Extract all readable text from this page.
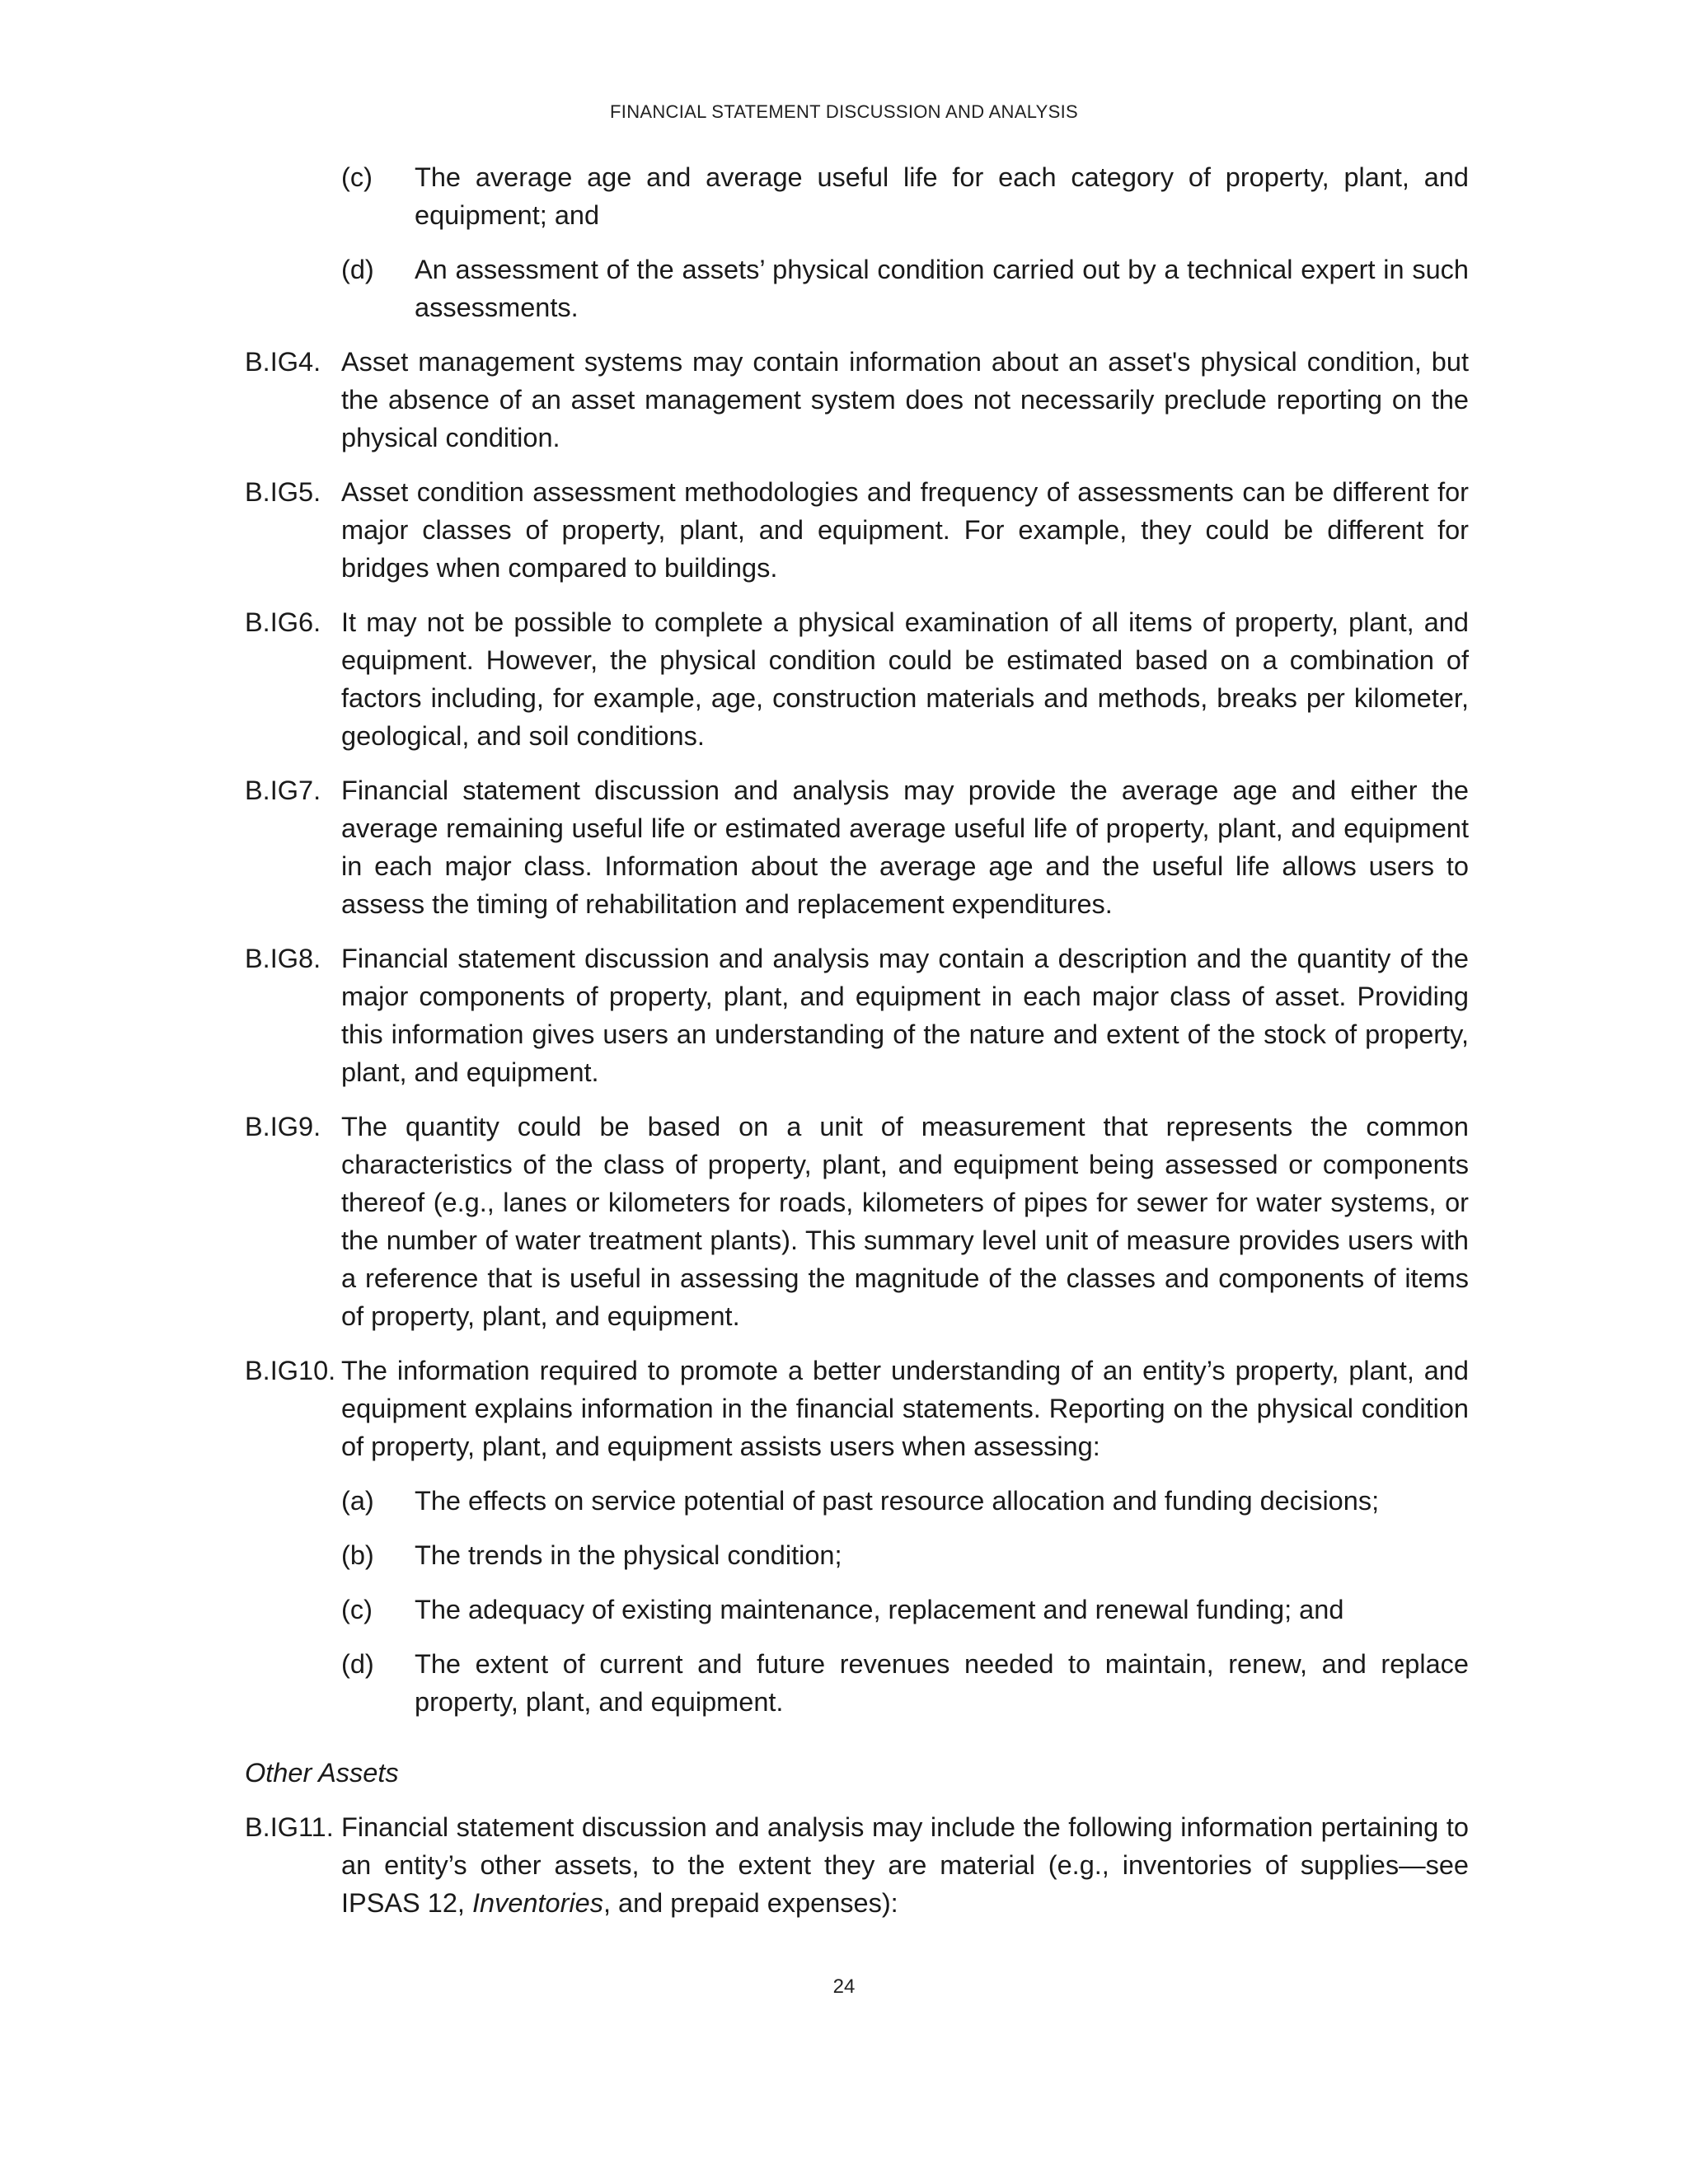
FINANCIAL STATEMENT DISCUSSION AND ANALYSIS
(c) The average age and average useful life for each category of property, plant, and equipment; and
(d) An assessment of the assets’ physical condition carried out by a technical expert in such assessments.
B.IG4. Asset management systems may contain information about an asset's physical condition, but the absence of an asset management system does not necessarily preclude reporting on the physical condition.
B.IG5. Asset condition assessment methodologies and frequency of assessments can be different for major classes of property, plant, and equipment. For example, they could be different for bridges when compared to buildings.
B.IG6. It may not be possible to complete a physical examination of all items of property, plant, and equipment. However, the physical condition could be estimated based on a combination of factors including, for example, age, construction materials and methods, breaks per kilometer, geological, and soil conditions.
B.IG7. Financial statement discussion and analysis may provide the average age and either the average remaining useful life or estimated average useful life of property, plant, and equipment in each major class. Information about the average age and the useful life allows users to assess the timing of rehabilitation and replacement expenditures.
B.IG8. Financial statement discussion and analysis may contain a description and the quantity of the major components of property, plant, and equipment in each major class of asset. Providing this information gives users an understanding of the nature and extent of the stock of property, plant, and equipment.
B.IG9. The quantity could be based on a unit of measurement that represents the common characteristics of the class of property, plant, and equipment being assessed or components thereof (e.g., lanes or kilometers for roads, kilometers of pipes for sewer for water systems, or the number of water treatment plants). This summary level unit of measure provides users with a reference that is useful in assessing the magnitude of the classes and components of items of property, plant, and equipment.
B.IG10. The information required to promote a better understanding of an entity’s property, plant, and equipment explains information in the financial statements. Reporting on the physical condition of property, plant, and equipment assists users when assessing:
(a) The effects on service potential of past resource allocation and funding decisions;
(b) The trends in the physical condition;
(c) The adequacy of existing maintenance, replacement and renewal funding; and
(d) The extent of current and future revenues needed to maintain, renew, and replace property, plant, and equipment.
Other Assets
B.IG11. Financial statement discussion and analysis may include the following information pertaining to an entity’s other assets, to the extent they are material (e.g., inventories of supplies—see IPSAS 12, Inventories, and prepaid expenses):
24
